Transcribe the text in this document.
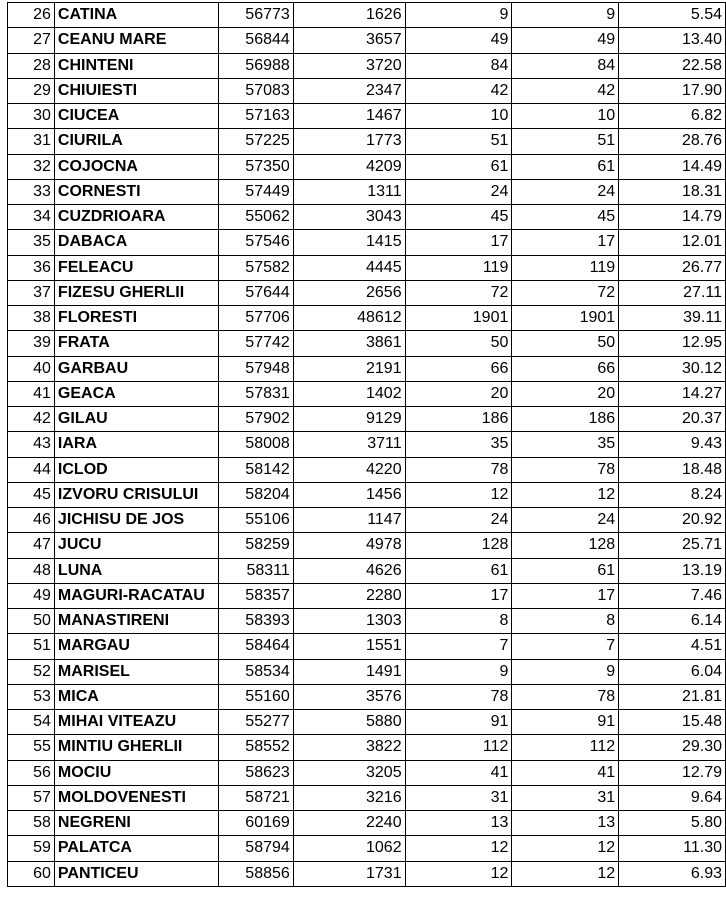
26	CATINA	56773	1626	9	9	5.54
27	CEANU MARE	56844	3657	49	49	13.40
28	CHINTENI	56988	3720	84	84	22.58
29	CHIUIESTI	57083	2347	42	42	17.90
30	CIUCEA	57163	1467	10	10	6.82
31	CIURILA	57225	1773	51	51	28.76
32	COJOCNA	57350	4209	61	61	14.49
33	CORNESTI	57449	1311	24	24	18.31
34	CUZDRIOARA	55062	3043	45	45	14.79
35	DABACA	57546	1415	17	17	12.01
36	FELEACU	57582	4445	119	119	26.77
37	FIZESU GHERLII	57644	2656	72	72	27.11
38	FLORESTI	57706	48612	1901	1901	39.11
39	FRATA	57742	3861	50	50	12.95
40	GARBAU	57948	2191	66	66	30.12
41	GEACA	57831	1402	20	20	14.27
42	GILAU	57902	9129	186	186	20.37
43	IARA	58008	3711	35	35	9.43
44	ICLOD	58142	4220	78	78	18.48
45	IZVORU CRISULUI	58204	1456	12	12	8.24
46	JICHISU DE JOS	55106	1147	24	24	20.92
47	JUCU	58259	4978	128	128	25.71
48	LUNA	58311	4626	61	61	13.19
49	MAGURI-RACATAU	58357	2280	17	17	7.46
50	MANASTIRENI	58393	1303	8	8	6.14
51	MARGAU	58464	1551	7	7	4.51
52	MARISEL	58534	1491	9	9	6.04
53	MICA	55160	3576	78	78	21.81
54	MIHAI VITEAZU	55277	5880	91	91	15.48
55	MINTIU GHERLII	58552	3822	112	112	29.30
56	MOCIU	58623	3205	41	41	12.79
57	MOLDOVENESTI	58721	3216	31	31	9.64
58	NEGRENI	60169	2240	13	13	5.80
59	PALATCA	58794	1062	12	12	11.30
60	PANTICEU	58856	1731	12	12	6.93
